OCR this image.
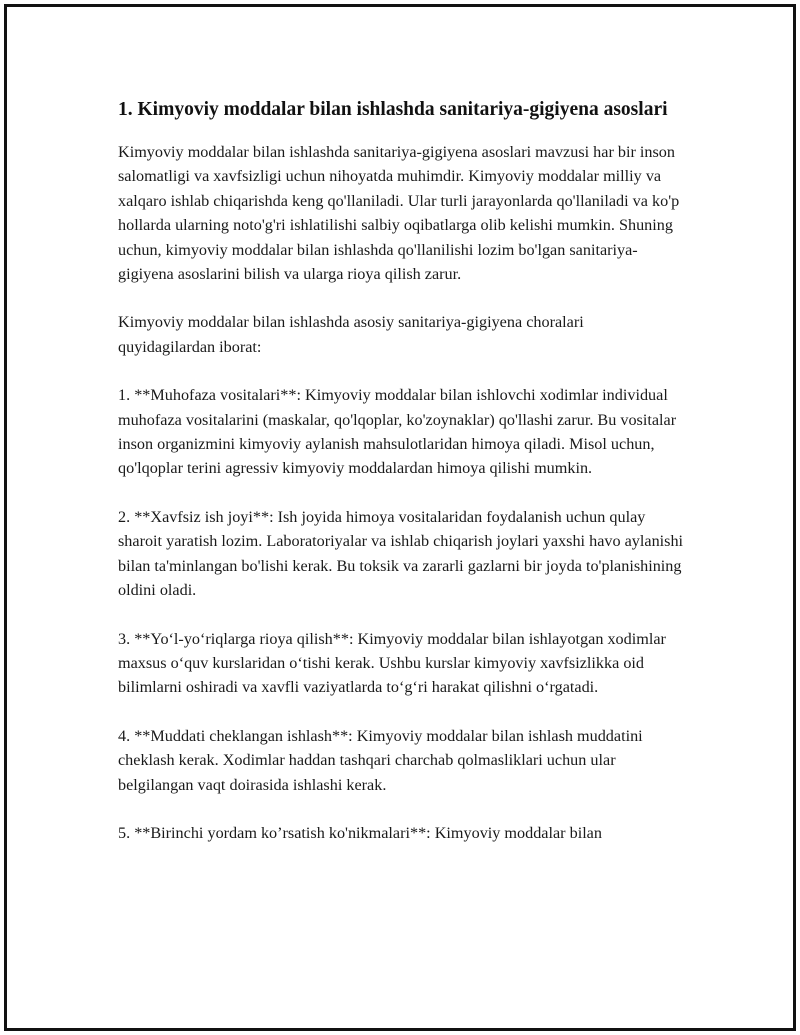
1. Kimyoviy moddalar bilan ishlashda sanitariya-gigiyena asoslari

Kimyoviy moddalar bilan ishlashda sanitariya-gigiyena asoslari mavzusi har bir inson salomatligi va xavfsizligi uchun nihoyatda muhimdir. Kimyoviy moddalar milliy va xalqaro ishlab chiqarishda keng qo'llaniladi. Ular turli jarayonlarda qo'llaniladi va ko'p hollarda ularning noto'g'ri ishlatilishi salbiy oqibatlarga olib kelishi mumkin. Shuning uchun, kimyoviy moddalar bilan ishlashda qo'llanilishi lozim bo'lgan sanitariya-gigiyena asoslarini bilish va ularga rioya qilish zarur.

Kimyoviy moddalar bilan ishlashda asosiy sanitariya-gigiyena choralari quyidagilardan iborat:

1. **Muhofaza vositalari**: Kimyoviy moddalar bilan ishlovchi xodimlar individual muhofaza vositalarini (maskalar, qo'lqoplar, ko'zoynaklar) qo'llashi zarur. Bu vositalar inson organizmini kimyoviy aylanish mahsulotlaridan himoya qiladi. Misol uchun, qo'lqoplar terini agressiv kimyoviy moddalardan himoya qilishi mumkin.

2. **Xavfsiz ish joyi**: Ish joyida himoya vositalaridan foydalanish uchun qulay sharoit yaratish lozim. Laboratoriyalar va ishlab chiqarish joylari yaxshi havo aylanishi bilan ta'minlangan bo'lishi kerak. Bu toksik va zararli gazlarni bir joyda to'planishining oldini oladi.

3. **Yo‘l-yo‘riqlarga rioya qilish**: Kimyoviy moddalar bilan ishlayotgan xodimlar maxsus o‘quv kurslaridan o‘tishi kerak. Ushbu kurslar kimyoviy xavfsizlikka oid bilimlarni oshiradi va xavfli vaziyatlarda to‘g‘ri harakat qilishni o‘rgatadi.

4. **Muddati cheklangan ishlash**: Kimyoviy moddalar bilan ishlash muddatini cheklash kerak. Xodimlar haddan tashqari charchab qolmasliklari uchun ular belgilangan vaqt doirasida ishlashi kerak.

5. **Birinchi yordam ko’rsatish ko'nikmalari**: Kimyoviy moddalar bilan
